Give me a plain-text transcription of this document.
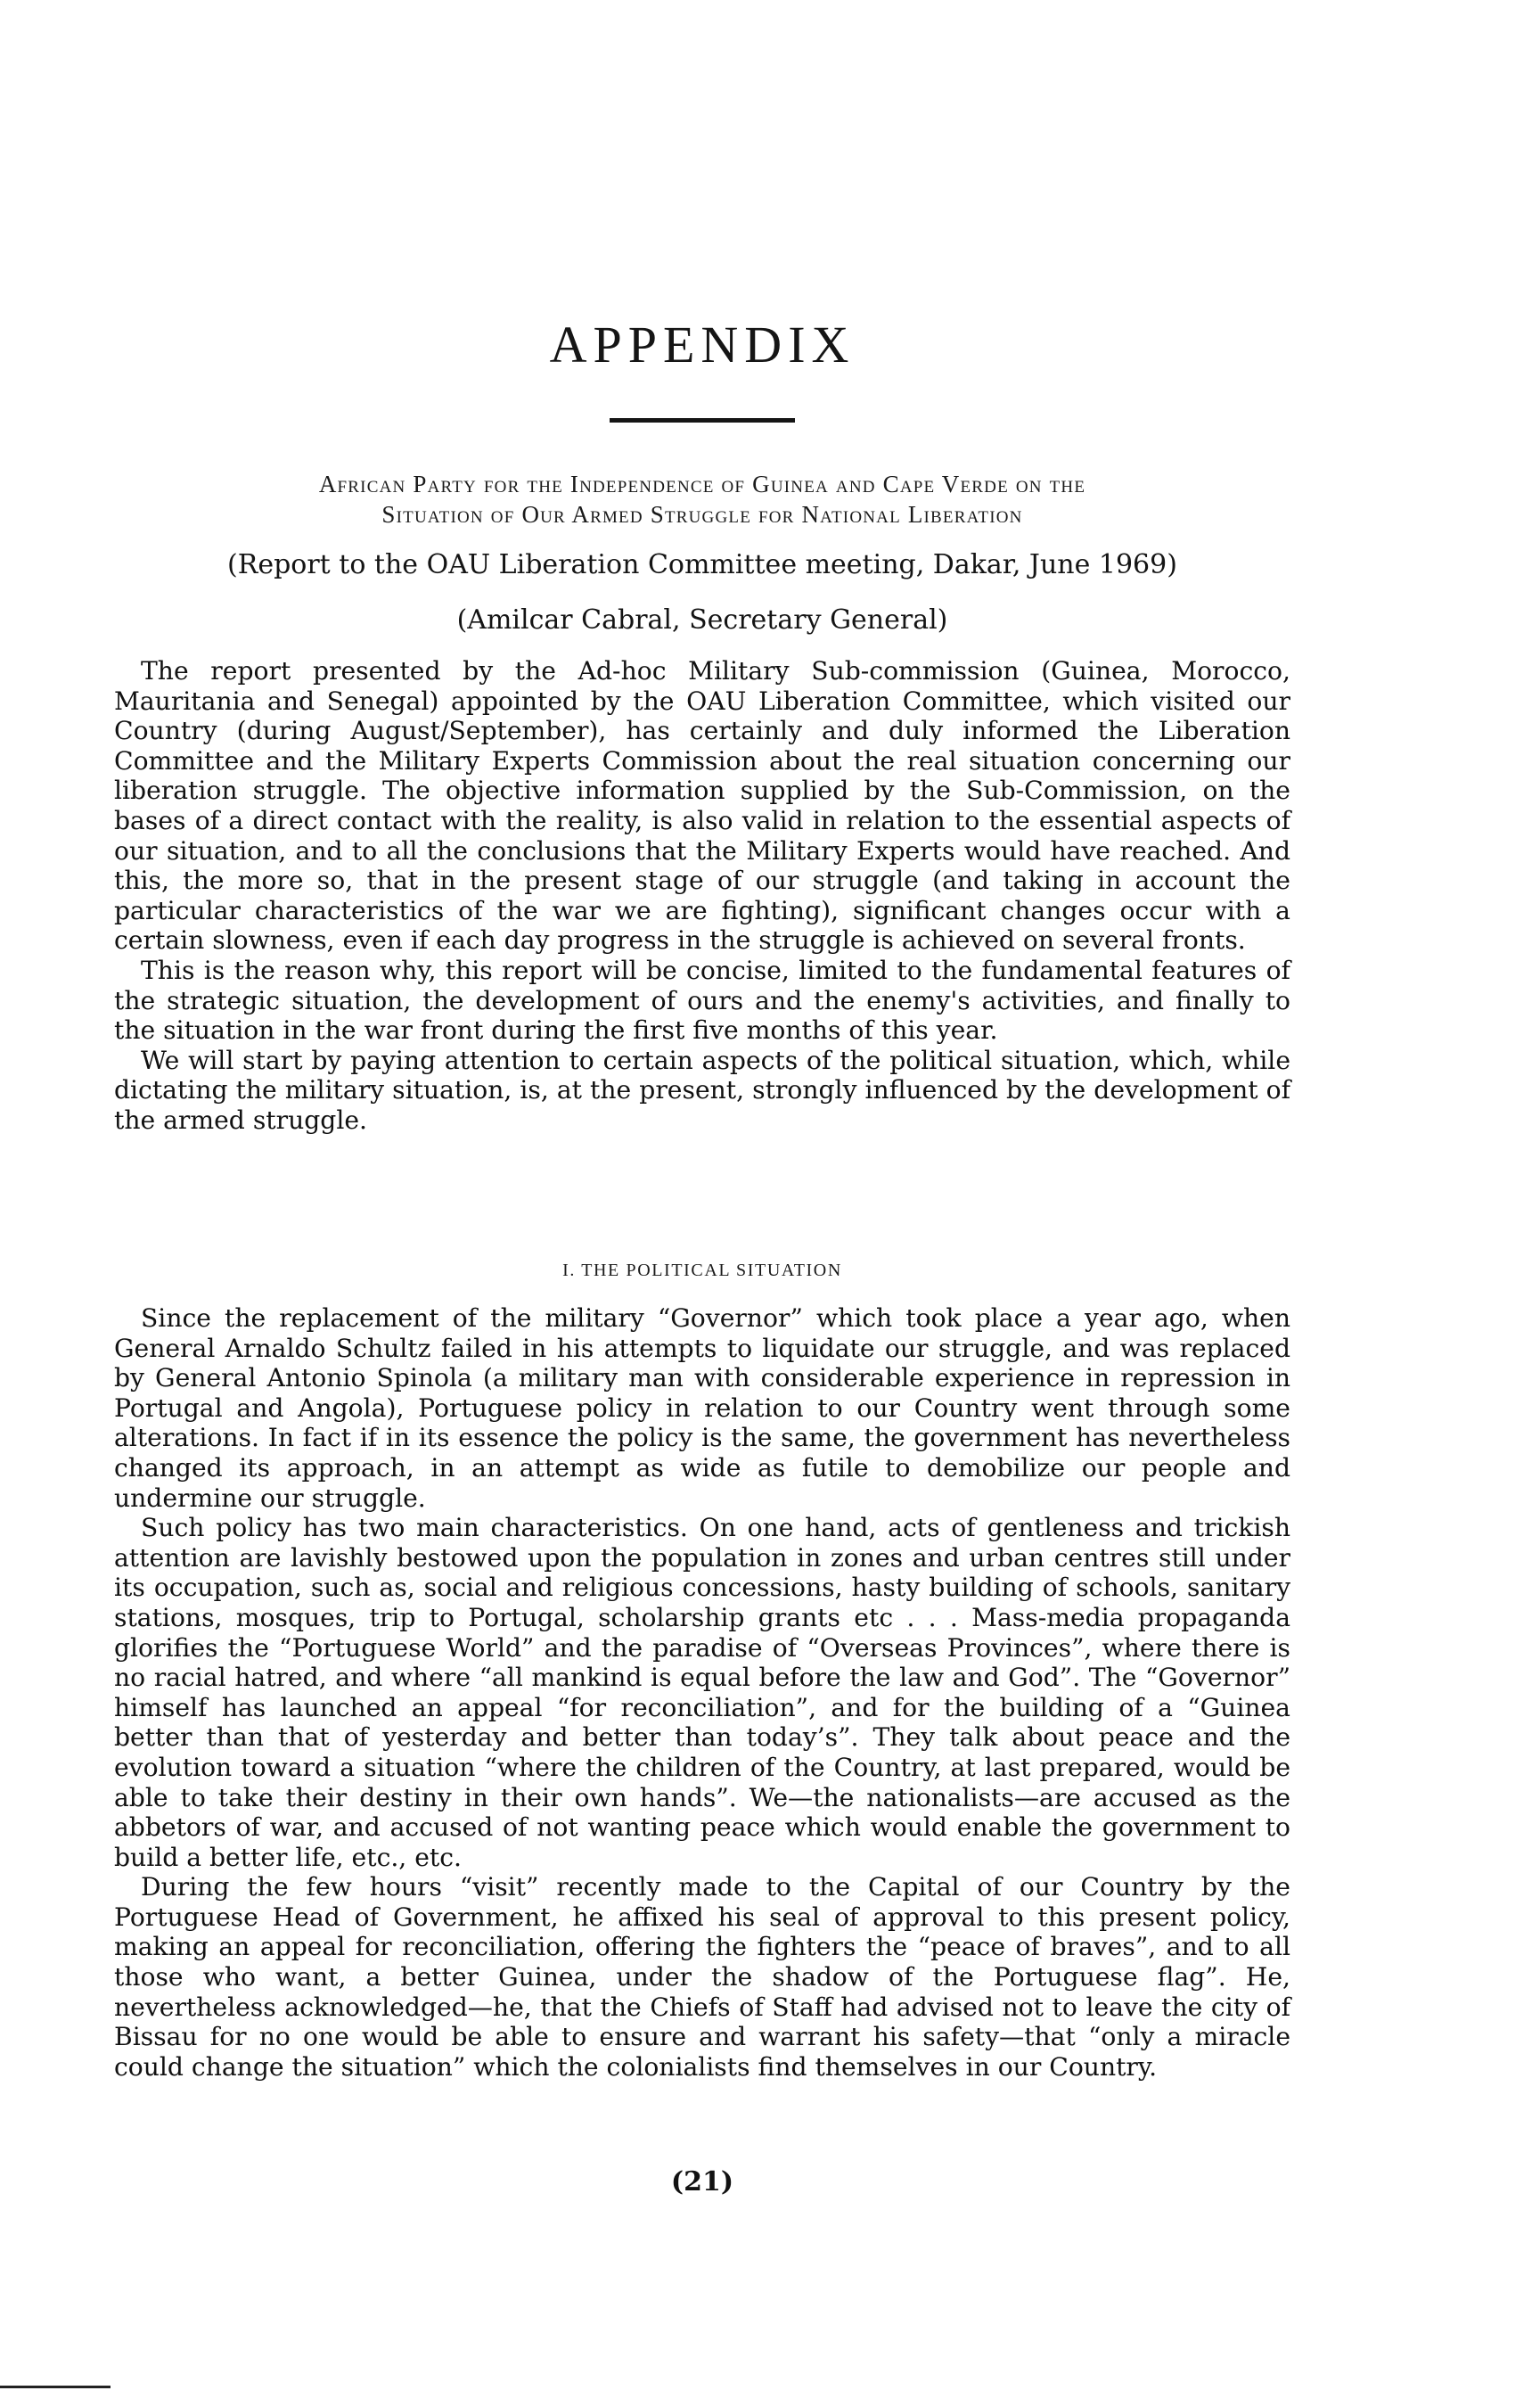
APPENDIX
African Party for the Independence of Guinea and Cape Verde on the
Situation of Our Armed Struggle for National Liberation
(Report to the OAU Liberation Committee meeting, Dakar, June 1969)
(Amilcar Cabral, Secretary General)

The report presented by the Ad-hoc Military Sub-commission (Guinea, Morocco, Mauritania and Senegal) appointed by the OAU Liberation Committee, which visited our Country (during August/September), has certainly and duly informed the Liberation Committee and the Military Experts Commission about the real situation concerning our liberation struggle. The objective information supplied by the Sub-Commission, on the bases of a direct contact with the reality, is also valid in relation to the essential aspects of our situation, and to all the conclusions that the Military Experts would have reached. And this, the more so, that in the present stage of our struggle (and taking in account the particular characteristics of the war we are fighting), significant changes occur with a certain slowness, even if each day progress in the struggle is achieved on several fronts.

This is the reason why, this report will be concise, limited to the fundamental features of the strategic situation, the development of ours and the enemy's activities, and finally to the situation in the war front during the first five months of this year.

We will start by paying attention to certain aspects of the political situation, which, while dictating the military situation, is, at the present, strongly influenced by the development of the armed struggle.

I. THE POLITICAL SITUATION

Since the replacement of the military “Governor” which took place a year ago, when General Arnaldo Schultz failed in his attempts to liquidate our struggle, and was replaced by General Antonio Spinola (a military man with considerable experience in repression in Portugal and Angola), Portuguese policy in relation to our Country went through some alterations. In fact if in its essence the policy is the same, the government has nevertheless changed its approach, in an attempt as wide as futile to demobilize our people and undermine our struggle.

Such policy has two main characteristics. On one hand, acts of gentleness and trickish attention are lavishly bestowed upon the population in zones and urban centres still under its occupation, such as, social and religious concessions, hasty building of schools, sanitary stations, mosques, trip to Portugal, scholarship grants etc . . . Mass-media propaganda glorifies the “Portuguese World” and the paradise of “Overseas Provinces”, where there is no racial hatred, and where “all mankind is equal before the law and God”. The “Governor” himself has launched an appeal “for reconciliation”, and for the building of a “Guinea better than that of yesterday and better than today’s”. They talk about peace and the evolution toward a situation “where the children of the Country, at last prepared, would be able to take their destiny in their own hands”. We—the nationalists—are accused as the abbetors of war, and accused of not wanting peace which would enable the government to build a better life, etc., etc.

During the few hours “visit” recently made to the Capital of our Country by the Portuguese Head of Government, he affixed his seal of approval to this present policy, making an appeal for reconciliation, offering the fighters the “peace of braves”, and to all those who want, a better Guinea, under the shadow of the Portuguese flag”. He, nevertheless acknowledged—he, that the Chiefs of Staff had advised not to leave the city of Bissau for no one would be able to ensure and warrant his safety—that “only a miracle could change the situation” which the colonialists find themselves in our Country.

(21)
